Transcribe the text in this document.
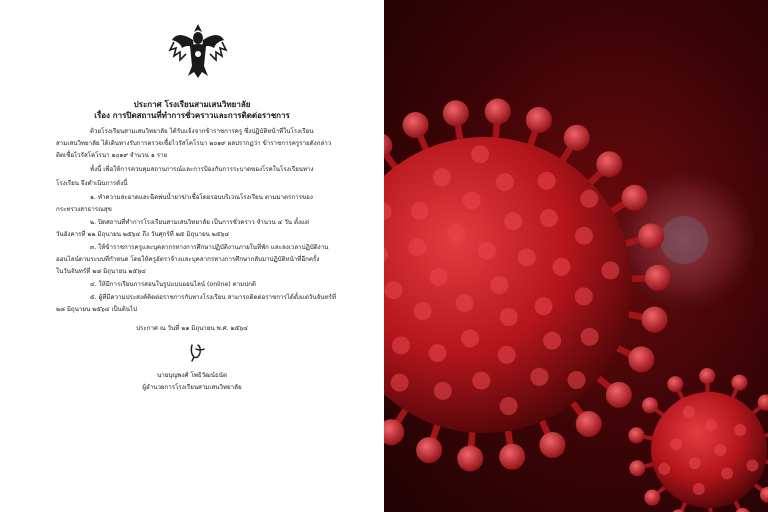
ประกาศ โรงเรียนสามเสนวิทยาลัย
เรื่อง การปิดสถานที่ทำการชั่วคราวและการติดต่อราชการ
ด้วยโรงเรียนสามเสนวิทยาลัย ได้รับแจ้งจากข้าราชการครู ซึ่งปฏิบัติหน้าที่ในโรงเรียน
สามเสนวิทยาลัย ได้เดินทางรับการตรวจเชื้อไวรัสโคโรนา ๒๐๑๙ ผลปรากฏว่า ข้าราชการครูรายดังกล่าว
ติดเชื้อไวรัสโคโรนา ๒๐๑๙ จำนวน ๑ ราย
ทั้งนี้ เพื่อให้การควบคุมสถานการณ์และการป้องกันการระบาดของโรคในโรงเรียนทาง
โรงเรียน จึงดำเนินการดังนี้
๑. ทำความสะอาดและฉีดพ่นน้ำยาฆ่าเชื้อโดยรอบบริเวณโรงเรียน ตามมาตรการของ
กระทรวงสาธารณสุข
๒. ปิดสถานที่ทำการโรงเรียนสามเสนวิทยาลัย เป็นการชั่วคราว จำนวน ๔ วัน ตั้งแต่
วันอังคารที่ ๒๒ มิถุนายน ๒๕๖๔ ถึง วันศุกร์ที่ ๒๕ มิถุนายน ๒๕๖๔
๓. ให้ข้าราชการครูและบุคลากรทางการศึกษาปฏิบัติงานภายในที่พัก และลงเวลาปฏิบัติงาน
ออนไลน์ตามระบบที่กำหนด โดยให้ครูอัตราจ้างและบุคลากรทางการศึกษากลับมาปฏิบัติหน้าที่อีกครั้ง
ในวันจันทร์ที่ ๒๘ มิถุนายน ๒๕๖๔
๔. ให้มีการเรียนการสอนในรูปแบบออนไลน์ (online) ตามปกติ
๕. ผู้ที่มีความประสงค์ติดต่อราชการกับทางโรงเรียน สามารถติดต่อราชการได้ตั้งแต่วันจันทร์ที่
๒๘ มิถุนายน ๒๕๖๔ เป็นต้นไป
ประกาศ ณ วันที่ ๒๑ มิถุนายน พ.ศ. ๒๕๖๔
นายบุญพงศ์ โพธิวัฒน์ธนัต
ผู้อำนวยการโรงเรียนสามเสนวิทยาลัย
